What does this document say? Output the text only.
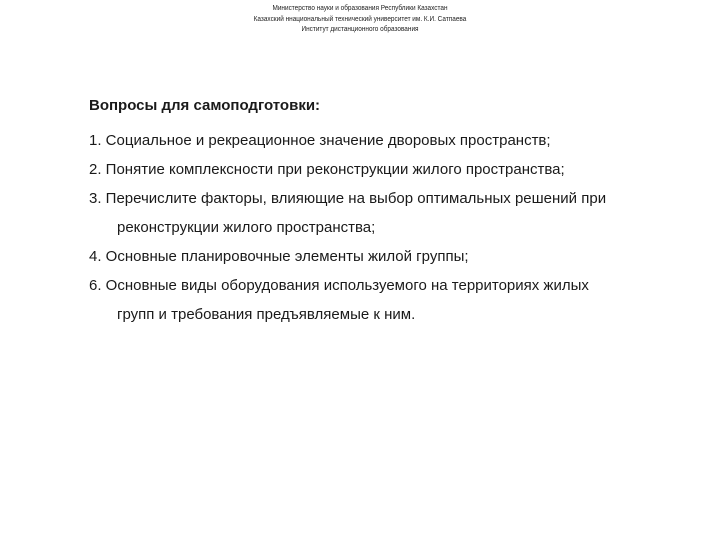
Министерство науки и образования Республики Казахстан
Казахский ннациональный технический университет им. К.И. Сатпаева
Институт дистанционного образования
Вопросы для самоподготовки:
1. Социальное и рекреационное значение дворовых пространств;
2. Понятие комплексности при реконструкции жилого пространства;
3. Перечислите факторы, влияющие на выбор оптимальных решений при
реконструкции жилого пространства;
4. Основные планировочные элементы жилой группы;
6. Основные виды оборудования используемого на территориях жилых
групп и требования предъявляемые к ним.
